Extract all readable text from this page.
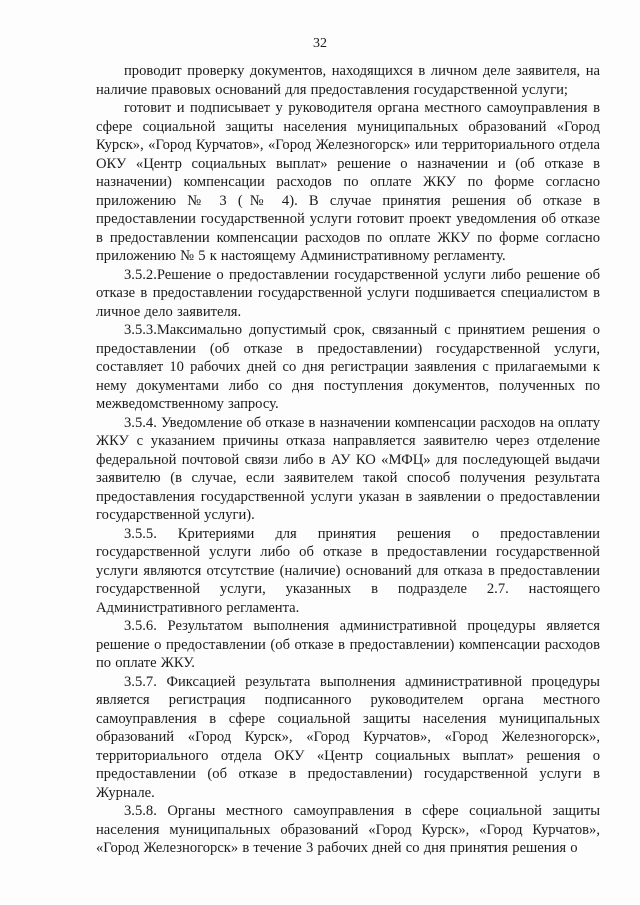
32

проводит проверку документов, находящихся в личном деле заявителя, на наличие правовых оснований для предоставления государственной услуги;

готовит и подписывает у руководителя органа местного самоуправления в сфере социальной защиты населения муниципальных образований «Город Курск», «Город Курчатов», «Город Железногорск» или территориального отдела ОКУ «Центр социальных выплат» решение о назначении и (об отказе в назначении) компенсации расходов по оплате ЖКУ по форме согласно приложению № 3 (№ 4). В случае принятия решения об отказе в предоставлении государственной услуги готовит проект уведомления об отказе в предоставлении компенсации расходов по оплате ЖКУ по форме согласно приложению № 5 к настоящему Административному регламенту.

3.5.2.Решение о предоставлении государственной услуги либо решение об отказе в предоставлении государственной услуги подшивается специалистом в личное дело заявителя.

3.5.3.Максимально допустимый срок, связанный с принятием решения о предоставлении (об отказе в предоставлении) государственной услуги, составляет 10 рабочих дней со дня регистрации заявления с прилагаемыми к нему документами либо со дня поступления документов, полученных по межведомственному запросу.

3.5.4. Уведомление об отказе в назначении компенсации расходов на оплату ЖКУ с указанием причины отказа направляется заявителю через отделение федеральной почтовой связи либо в АУ КО «МФЦ» для последующей выдачи заявителю (в случае, если заявителем такой способ получения результата предоставления государственной услуги указан в заявлении о предоставлении государственной услуги).

3.5.5. Критериями для принятия решения о предоставлении государственной услуги либо об отказе в предоставлении государственной услуги являются отсутствие (наличие) оснований для отказа в предоставлении государственной услуги, указанных в подразделе 2.7. настоящего Административного регламента.

3.5.6. Результатом выполнения административной процедуры является решение о предоставлении (об отказе в предоставлении) компенсации расходов по оплате ЖКУ.

3.5.7. Фиксацией результата выполнения административной процедуры является регистрация подписанного руководителем органа местного самоуправления в сфере социальной защиты населения муниципальных образований «Город Курск», «Город Курчатов», «Город Железногорск», территориального отдела ОКУ «Центр социальных выплат» решения о предоставлении (об отказе в предоставлении) государственной услуги в Журнале.

3.5.8. Органы местного самоуправления в сфере социальной защиты населения муниципальных образований «Город Курск», «Город Курчатов», «Город Железногорск» в течение 3 рабочих дней со дня принятия решения о
